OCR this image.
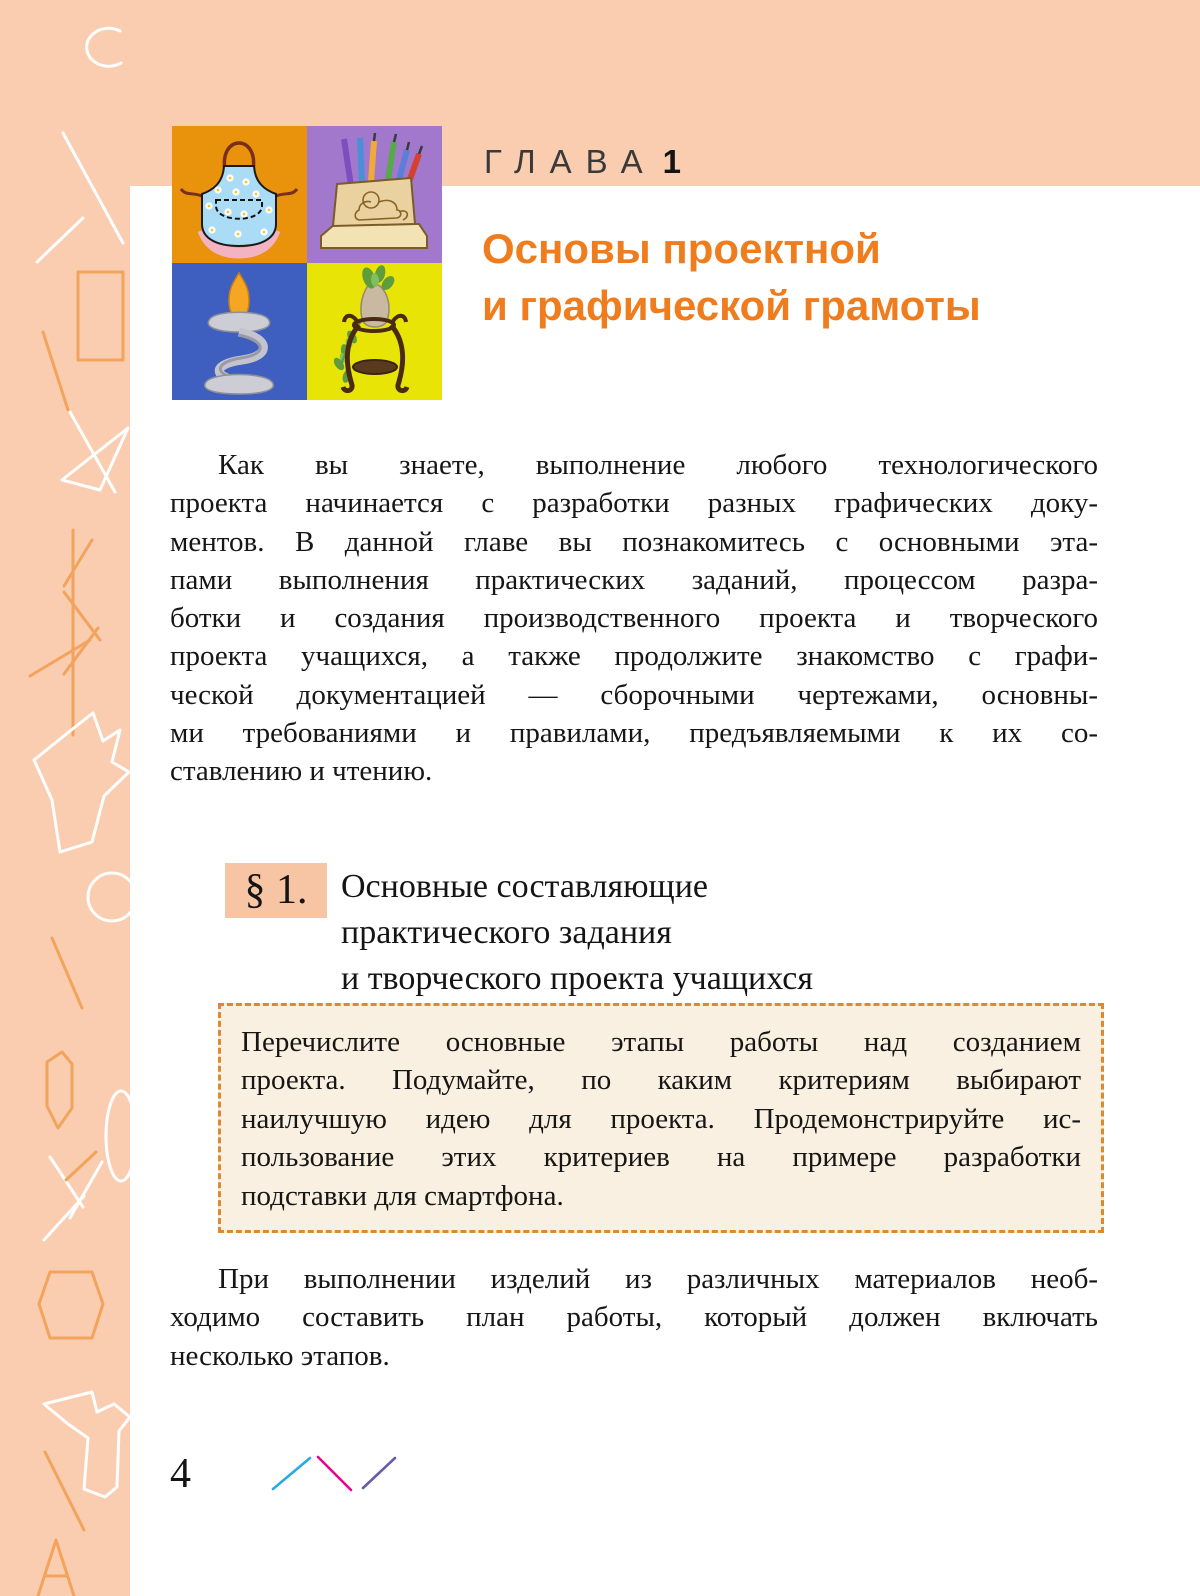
ГЛАВА 1
Основы проектной
и графической грамоты
Как вы знаете, выполнение любого технологического
проекта начинается с разработки разных графических доку-
ментов. В данной главе вы познакомитесь с основными эта-
пами выполнения практических заданий, процессом разра-
ботки и создания производственного проекта и творческого
проекта учащихся, а также продолжите знакомство с графи-
ческой документацией — сборочными чертежами, основны-
ми требованиями и правилами, предъявляемыми к их со-
ставлению и чтению.
§ 1. Основные составляющие
практического задания
и творческого проекта учащихся
Перечислите основные этапы работы над созданием
проекта. Подумайте, по каким критериям выбирают
наилучшую идею для проекта. Продемонстрируйте ис-
пользование этих критериев на примере разработки
подставки для смартфона.
При выполнении изделий из различных материалов необ-
ходимо составить план работы, который должен включать
несколько этапов.
4
